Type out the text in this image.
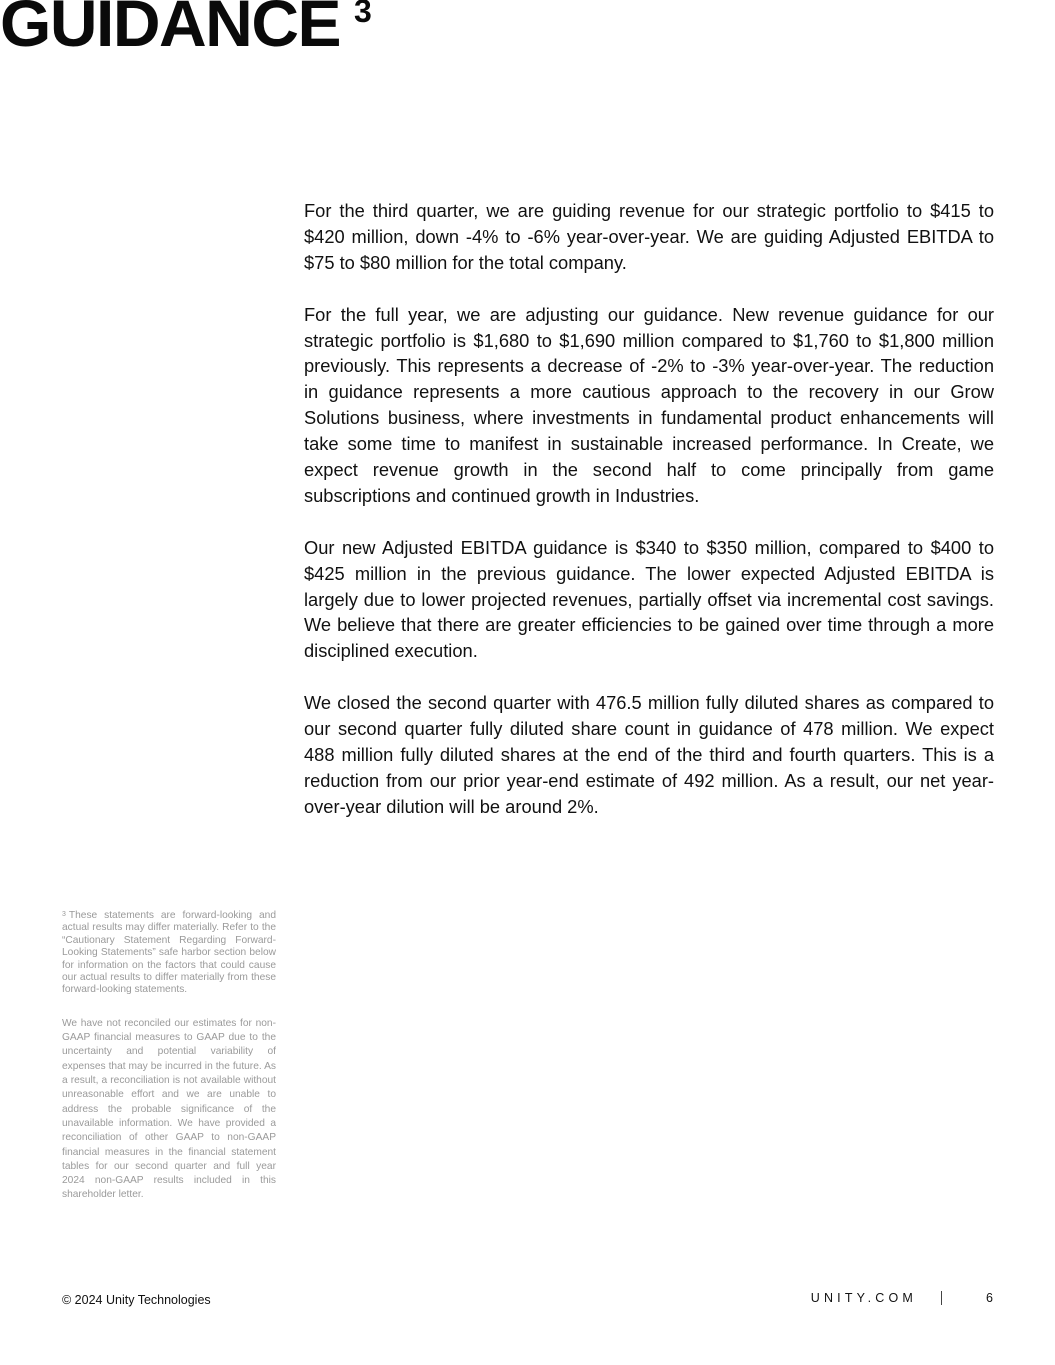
GUIDANCE $^3$

For the third quarter, we are guiding revenue for our strategic portfolio to $415 to $420 million, down -4% to -6% year-over-year. We are guiding Adjusted EBITDA to $75 to $80 million for the total company.

For the full year, we are adjusting our guidance. New revenue guidance for our strategic portfolio is $1,680 to $1,690 million compared to $1,760 to $1,800 million previously. This represents a decrease of -2% to -3% year-over-year. The reduction in guidance represents a more cautious approach to the recovery in our Grow Solutions business, where investments in fundamental product enhancements will take some time to manifest in sustainable increased performance. In Create, we expect revenue growth in the second half to come principally from game subscriptions and continued growth in Industries.

Our new Adjusted EBITDA guidance is $340 to $350 million, compared to $400 to $425 million in the previous guidance. The lower expected Adjusted EBITDA is largely due to lower projected revenues, partially offset via incremental cost savings. We believe that there are greater efficiencies to be gained over time through a more disciplined execution.

We closed the second quarter with 476.5 million fully diluted shares as compared to our second quarter fully diluted share count in guidance of 478 million. We expect 488 million fully diluted shares at the end of the third and fourth quarters. This is a reduction from our prior year-end estimate of 492 million. As a result, our net year-over-year dilution will be around 2%.

$^3$ These statements are forward-looking and actual results may differ materially. Refer to the “Cautionary Statement Regarding Forward-Looking Statements” safe harbor section below for information on the factors that could cause our actual results to differ materially from these forward-looking statements.

We have not reconciled our estimates for non-GAAP financial measures to GAAP due to the uncertainty and potential variability of expenses that may be incurred in the future. As a result, a reconciliation is not available without unreasonable effort and we are unable to address the probable significance of the unavailable information. We have provided a reconciliation of other GAAP to non-GAAP financial measures in the financial statement tables for our second quarter and full year 2024 non-GAAP results included in this shareholder letter.

© 2024 Unity Technologies	UNITY.COM	6
